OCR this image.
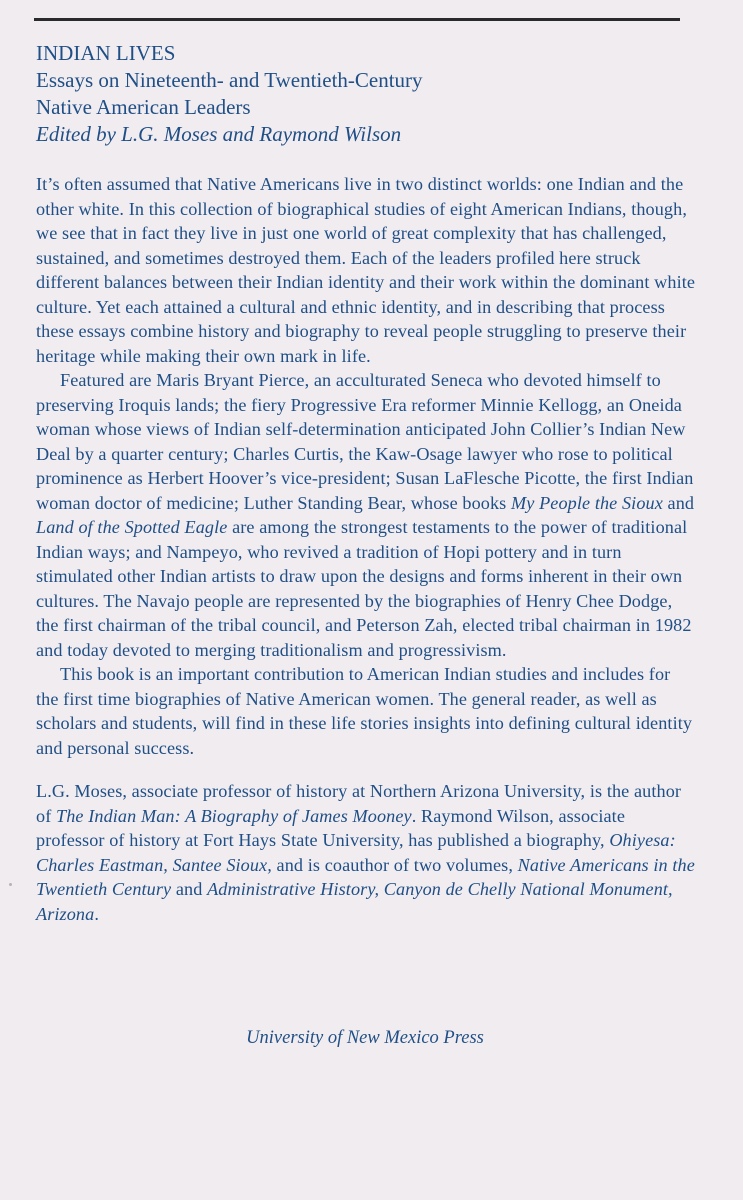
INDIAN LIVES
Essays on Nineteenth- and Twentieth-Century
Native American Leaders
Edited by L.G. Moses and Raymond Wilson

It’s often assumed that Native Americans live in two distinct worlds: one Indian and the other white. In this collection of biographical studies of eight American Indians, though, we see that in fact they live in just one world of great complexity that has challenged, sustained, and sometimes destroyed them. Each of the leaders profiled here struck different balances between their Indian identity and their work within the dominant white culture. Yet each attained a cultural and ethnic identity, and in describing that process these essays combine history and biography to reveal people struggling to preserve their heritage while making their own mark in life.

Featured are Maris Bryant Pierce, an acculturated Seneca who devoted himself to preserving Iroquis lands; the fiery Progressive Era reformer Minnie Kellogg, an Oneida woman whose views of Indian self-determination anticipated John Collier’s Indian New Deal by a quarter century; Charles Curtis, the Kaw-Osage lawyer who rose to political prominence as Herbert Hoover’s vice-president; Susan LaFlesche Picotte, the first Indian woman doctor of medicine; Luther Standing Bear, whose books My People the Sioux and Land of the Spotted Eagle are among the strongest testaments to the power of traditional Indian ways; and Nampeyo, who revived a tradition of Hopi pottery and in turn stimulated other Indian artists to draw upon the designs and forms inherent in their own cultures. The Navajo people are represented by the biographies of Henry Chee Dodge, the first chairman of the tribal council, and Peterson Zah, elected tribal chairman in 1982 and today devoted to merging traditionalism and progressivism.

This book is an important contribution to American Indian studies and includes for the first time biographies of Native American women. The general reader, as well as scholars and students, will find in these life stories insights into defining cultural identity and personal success.

L.G. Moses, associate professor of history at Northern Arizona University, is the author of The Indian Man: A Biography of James Mooney. Raymond Wilson, associate professor of history at Fort Hays State University, has published a biography, Ohiyesa: Charles Eastman, Santee Sioux, and is coauthor of two volumes, Native Americans in the Twentieth Century and Administrative History, Canyon de Chelly National Monument, Arizona.

University of New Mexico Press
